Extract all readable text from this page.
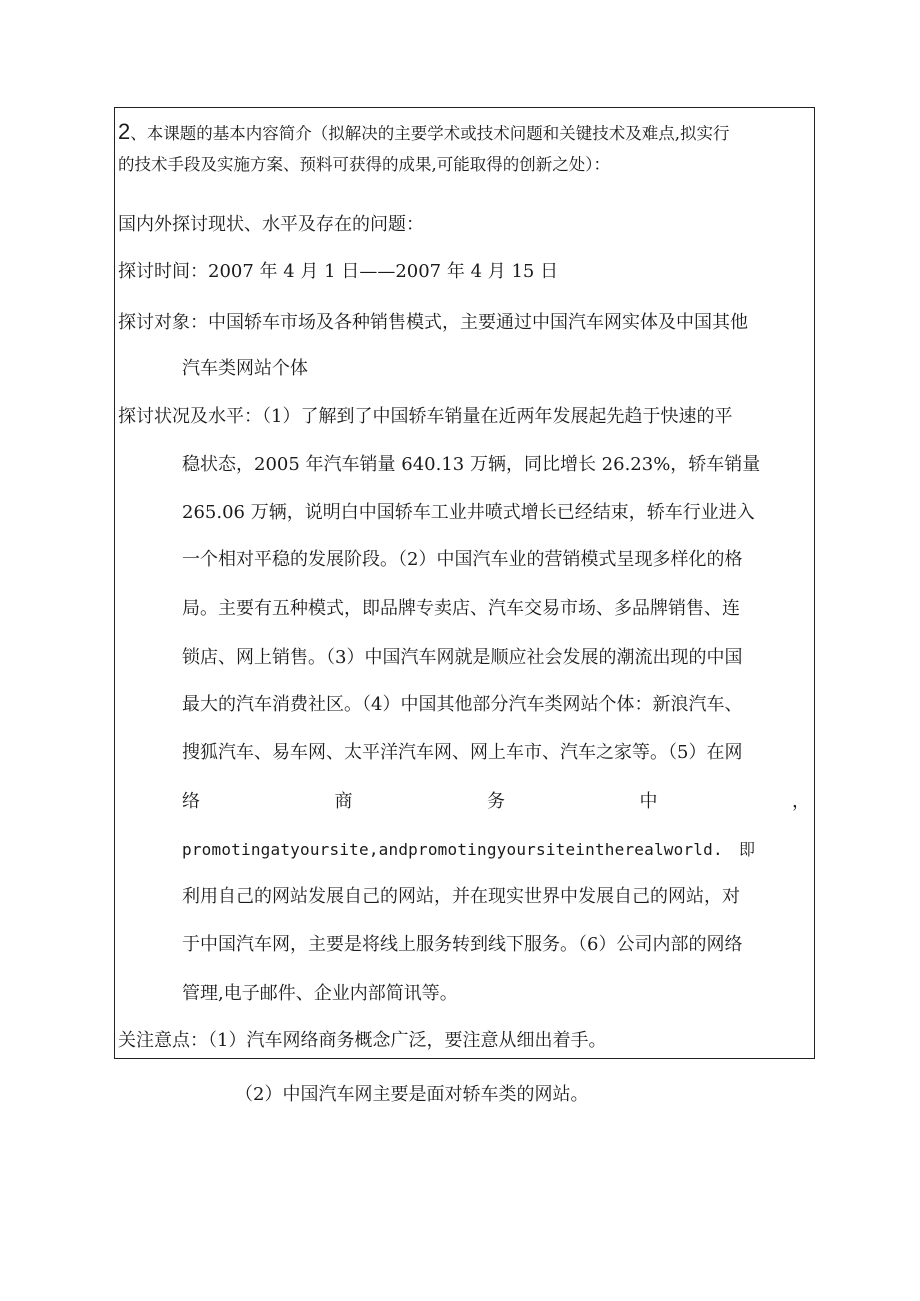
2、本课题的基本内容简介（拟解决的主要学术或技术问题和关键技术及难点,拟实行
的技术手段及实施方案、预料可获得的成果,可能取得的创新之处）：
国内外探讨现状、水平及存在的问题：
探讨时间：2007 年 4 月 1 日——2007 年 4 月 15 日
探讨对象：中国轿车市场及各种销售模式，主要通过中国汽车网实体及中国其他
汽车类网站个体
探讨状况及水平：（1）了解到了中国轿车销量在近两年发展起先趋于快速的平
稳状态，2005 年汽车销量 640.13 万辆，同比增长 26.23%，轿车销量
265.06 万辆，说明白中国轿车工业井喷式增长已经结束，轿车行业进入
一个相对平稳的发展阶段。（2）中国汽车业的营销模式呈现多样化的格
局。主要有五种模式，即品牌专卖店、汽车交易市场、多品牌销售、连
锁店、网上销售。（3）中国汽车网就是顺应社会发展的潮流出现的中国
最大的汽车消费社区。（4）中国其他部分汽车类网站个体：新浪汽车、
搜狐汽车、易车网、太平洋汽车网、网上车市、汽车之家等。（5）在网
络 商 务 中 ，
promotingatyoursite,andpromotingyoursiteintherealworld.　即
利用自己的网站发展自己的网站，并在现实世界中发展自己的网站，对
于中国汽车网，主要是将线上服务转到线下服务。（6）公司内部的网络
管理,电子邮件、企业内部简讯等。
关注意点：（1）汽车网络商务概念广泛，要注意从细出着手。
（2）中国汽车网主要是面对轿车类的网站。
